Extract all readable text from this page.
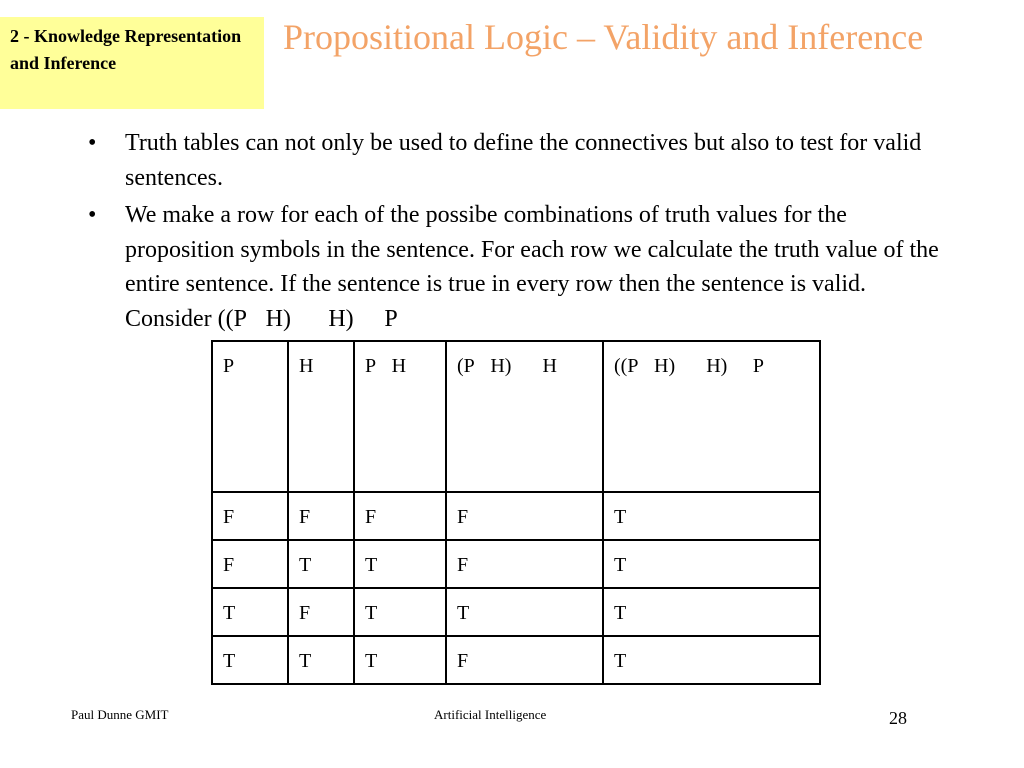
2 - Knowledge Representation and Inference
Propositional Logic – Validity and Inference
• Truth tables can not only be used to define the connectives but also to test for valid sentences.
• We make a row for each of the possibe combinations of truth values for the proposition symbols in the sentence. For each row we calculate the truth value of the entire sentence. If the sentence is true in every row then the sentence is valid. Consider ((P H) H) P
P	H	P H	(P H) H	((P H) H) P
F	F	F	F	T
F	T	T	F	T
T	F	T	T	T
T	T	T	F	T
Paul Dunne GMIT	Artificial Intelligence	28
